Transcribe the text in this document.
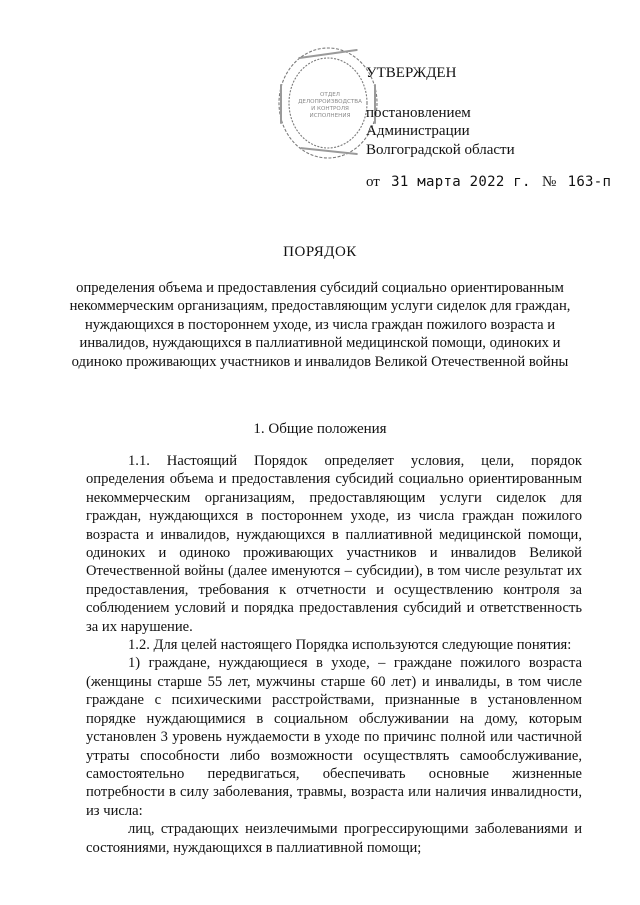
ОТДЕЛ
ДЕЛОПРОИЗВОДСТВА
И КОНТРОЛЯ
ИСПОЛНЕНИЯ
УТВЕРЖДЕН
постановлением
Администрации
Волгоградской области
от 31 марта 2022 г. № 163-п
ПОРЯДОК
определения объема и предоставления субсидий социально ориентированным некоммерческим организациям, предоставляющим услуги сиделок для граждан, нуждающихся в постороннем уходе, из числа граждан пожилого возраста и инвалидов, нуждающихся в паллиативной медицинской помощи, одиноких и одиноко проживающих участников и инвалидов Великой Отечественной войны
1. Общие положения

1.1. Настоящий Порядок определяет условия, цели, порядок определения объема и предоставления субсидий социально ориентированным некоммерческим организациям, предоставляющим услуги сиделок для граждан, нуждающихся в постороннем уходе, из числа граждан пожилого возраста и инвалидов, нуждающихся в паллиативной медицинской помощи, одиноких и одиноко проживающих участников и инвалидов Великой Отечественной войны (далее именуются – субсидии), в том числе результат их предоставления, требования к отчетности и осуществлению контроля за соблюдением условий и порядка предоставления субсидий и ответственность за их нарушение.

1.2. Для целей настоящего Порядка используются следующие понятия:

1) граждане, нуждающиеся в уходе, – граждане пожилого возраста (женщины старше 55 лет, мужчины старше 60 лет) и инвалиды, в том числе граждане с психическими расстройствами, признанные в установленном порядке нуждающимися в социальном обслуживании на дому, которым установлен 3 уровень нуждаемости в уходе по причинс полной или частичной утраты способности либо возможности осуществлять самообслуживание, самостоятельно передвигаться, обеспечивать основные жизненные потребности в силу заболевания, травмы, возраста или наличия инвалидности, из числа:

лиц, страдающих неизлечимыми прогрессирующими заболеваниями и состояниями, нуждающихся в паллиативной помощи;
